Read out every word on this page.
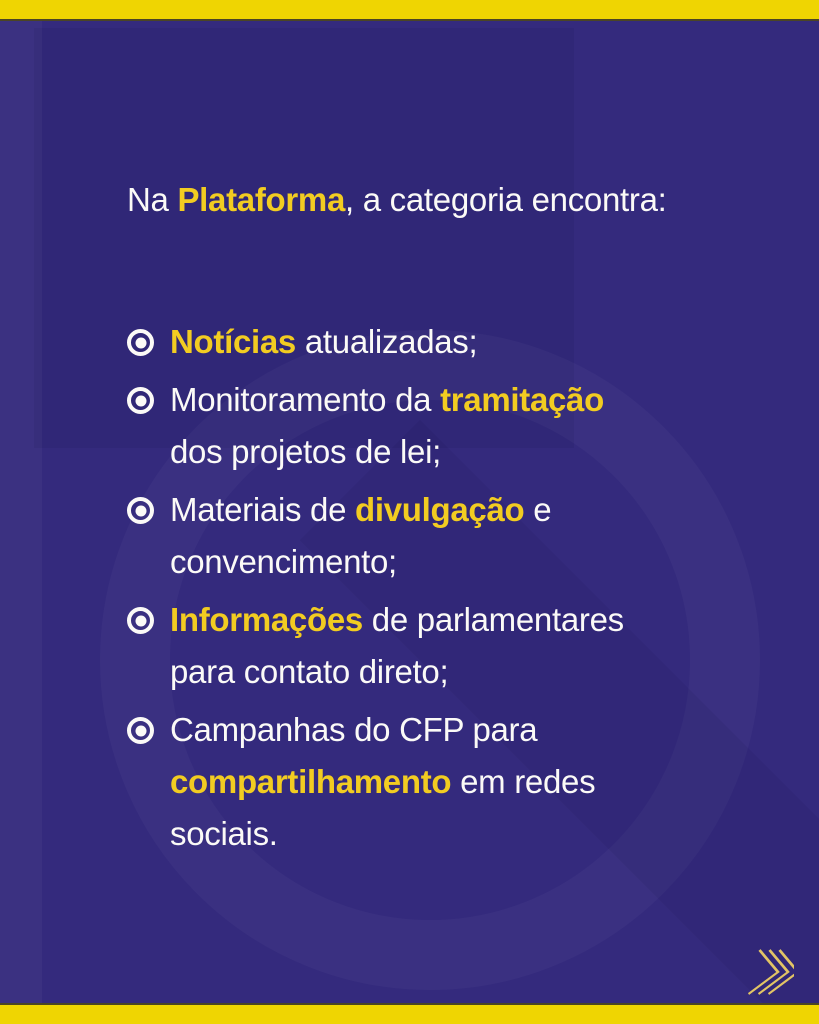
Na Plataforma, a categoria encontra:
Notícias atualizadas;
Monitoramento da tramitação
dos projetos de lei;
Materiais de divulgação e
convencimento;
Informações de parlamentares
para contato direto;
Campanhas do CFP para
compartilhamento em redes
sociais.
